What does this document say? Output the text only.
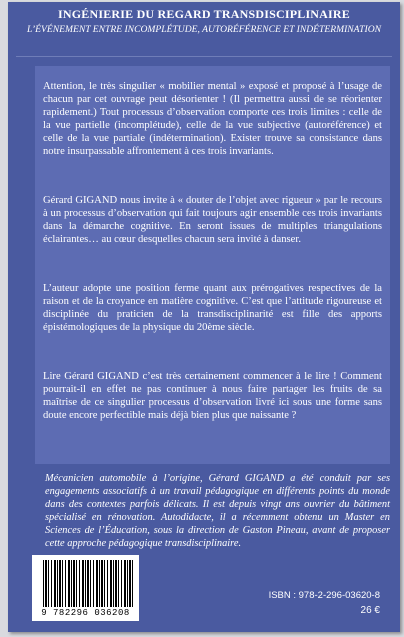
INGÉNIERIE DU REGARD TRANSDISCIPLINAIRE
L’ÉVÉNEMENT ENTRE INCOMPLÉTUDE, AUTORÉFÉRENCE ET INDÉTERMINATION

Attention, le très singulier « mobilier mental » exposé et proposé à l’usage de chacun par cet ouvrage peut désorienter ! (Il permettra aussi de se réorienter rapidement.) Tout processus d’observation comporte ces trois limites : celle de la vue partielle (incomplétude), celle de la vue subjective (autoréférence) et celle de la vue partiale (indétermination). Exister trouve sa consistance dans notre insurpassable affrontement à ces trois invariants.

Gérard GIGAND nous invite à « douter de l’objet avec rigueur » par le recours à un processus d’observation qui fait toujours agir ensemble ces trois invariants dans la démarche cognitive. En seront issues de multiples triangulations éclairantes… au cœur desquelles chacun sera invité à danser.

L’auteur adopte une position ferme quant aux prérogatives respectives de la raison et de la croyance en matière cognitive. C’est que l’attitude rigoureuse et disciplinée du praticien de la transdisciplinarité est fille des apports épistémologiques de la physique du 20ème siècle.

Lire Gérard GIGAND c’est très certainement commencer à le lire ! Comment pourrait-il en effet ne pas continuer à nous faire partager les fruits de sa maîtrise de ce singulier processus d’observation livré ici sous une forme sans doute encore perfectible mais déjà bien plus que naissante ?

Mécanicien automobile à l’origine, Gérard GIGAND a été conduit par ses engagements associatifs à un travail pédagogique en différents points du monde dans des contextes parfois délicats. Il est depuis vingt ans ouvrier du bâtiment spécialisé en rénovation. Autodidacte, il a récemment obtenu un Master en Sciences de l’Éducation, sous la direction de Gaston Pineau, avant de proposer cette approche pédagogique transdisciplinaire.

9 782296 036208
ISBN : 978-2-296-03620-8
26 €
